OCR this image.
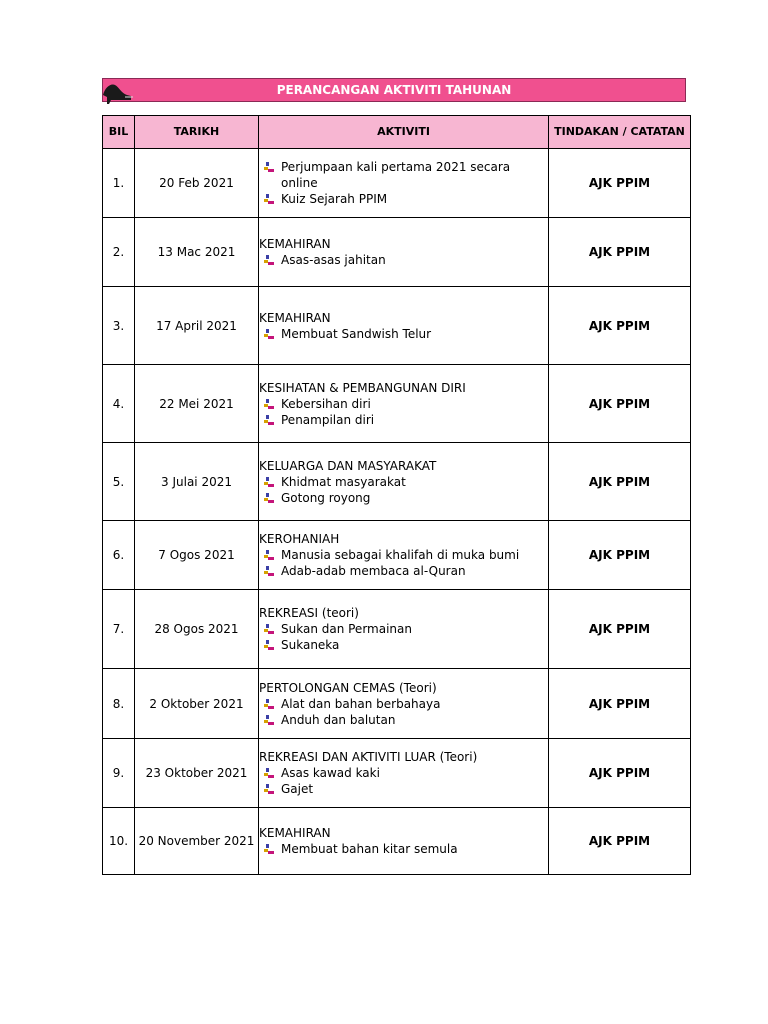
PERANCANGAN AKTIVITI TAHUNAN
BIL	TARIKH	AKTIVITI	TINDAKAN / CATATAN
1.	20 Feb 2021	Perjumpaan kali pertama 2021 secara online
Kuiz Sejarah PPIM	AJK PPIM
2.	13 Mac 2021	KEMAHIRAN
Asas-asas jahitan	AJK PPIM
3.	17 April 2021	KEMAHIRAN
Membuat Sandwish Telur	AJK PPIM
4.	22 Mei 2021	KESIHATAN & PEMBANGUNAN DIRI
Kebersihan diri
Penampilan diri	AJK PPIM
5.	3 Julai 2021	KELUARGA DAN MASYARAKAT
Khidmat masyarakat
Gotong royong	AJK PPIM
6.	7 Ogos 2021	KEROHANIAH
Manusia sebagai khalifah di muka bumi
Adab-adab membaca al-Quran	AJK PPIM
7.	28 Ogos 2021	REKREASI (teori)
Sukan dan Permainan
Sukaneka	AJK PPIM
8.	2 Oktober 2021	PERTOLONGAN CEMAS (Teori)
Alat dan bahan berbahaya
Anduh dan balutan	AJK PPIM
9.	23 Oktober 2021	REKREASI DAN AKTIVITI LUAR (Teori)
Asas kawad kaki
Gajet	AJK PPIM
10.	20 November 2021	KEMAHIRAN
Membuat bahan kitar semula	AJK PPIM
